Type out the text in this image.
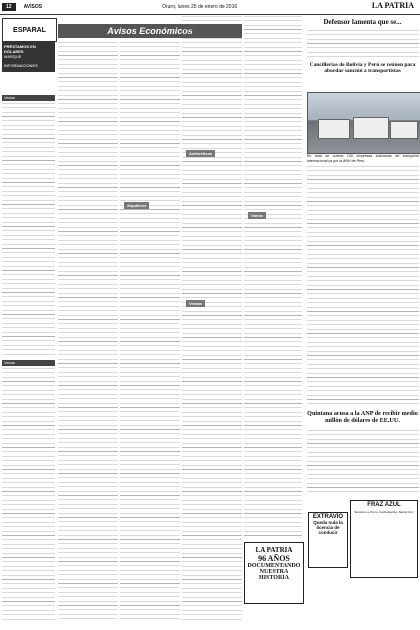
12	AVISOS	Oruro, lunes 25 de enero de 2016	LA PATRIA
ESPARAL
PRÉSTAMOS EN DÓLARES
MARQUE
INFORMACIONES
Varios
Varios
Avisos Económicos
Alquileres
Anticréticos
Ventas
Varios
Defensor lamenta que se...
Cancillerías de Bolivia y Perú se reúnen para abordar sanción a transportistas
En total se cuenta 136 empresas bolivianas de transporte internacional ya por la ANH de Perú.
Quintana acusa a la ANP de recibir medio millón de dólares de EE.UU.
EXTRAVÍO
Queda nula la licencia de conducir
FRAZ AZUL
Servicios a Oruro, Cochabamba, Santa Cruz
LA PATRIA
96 AÑOS
DOCUMENTANDO
NUESTRA
HISTORIA
